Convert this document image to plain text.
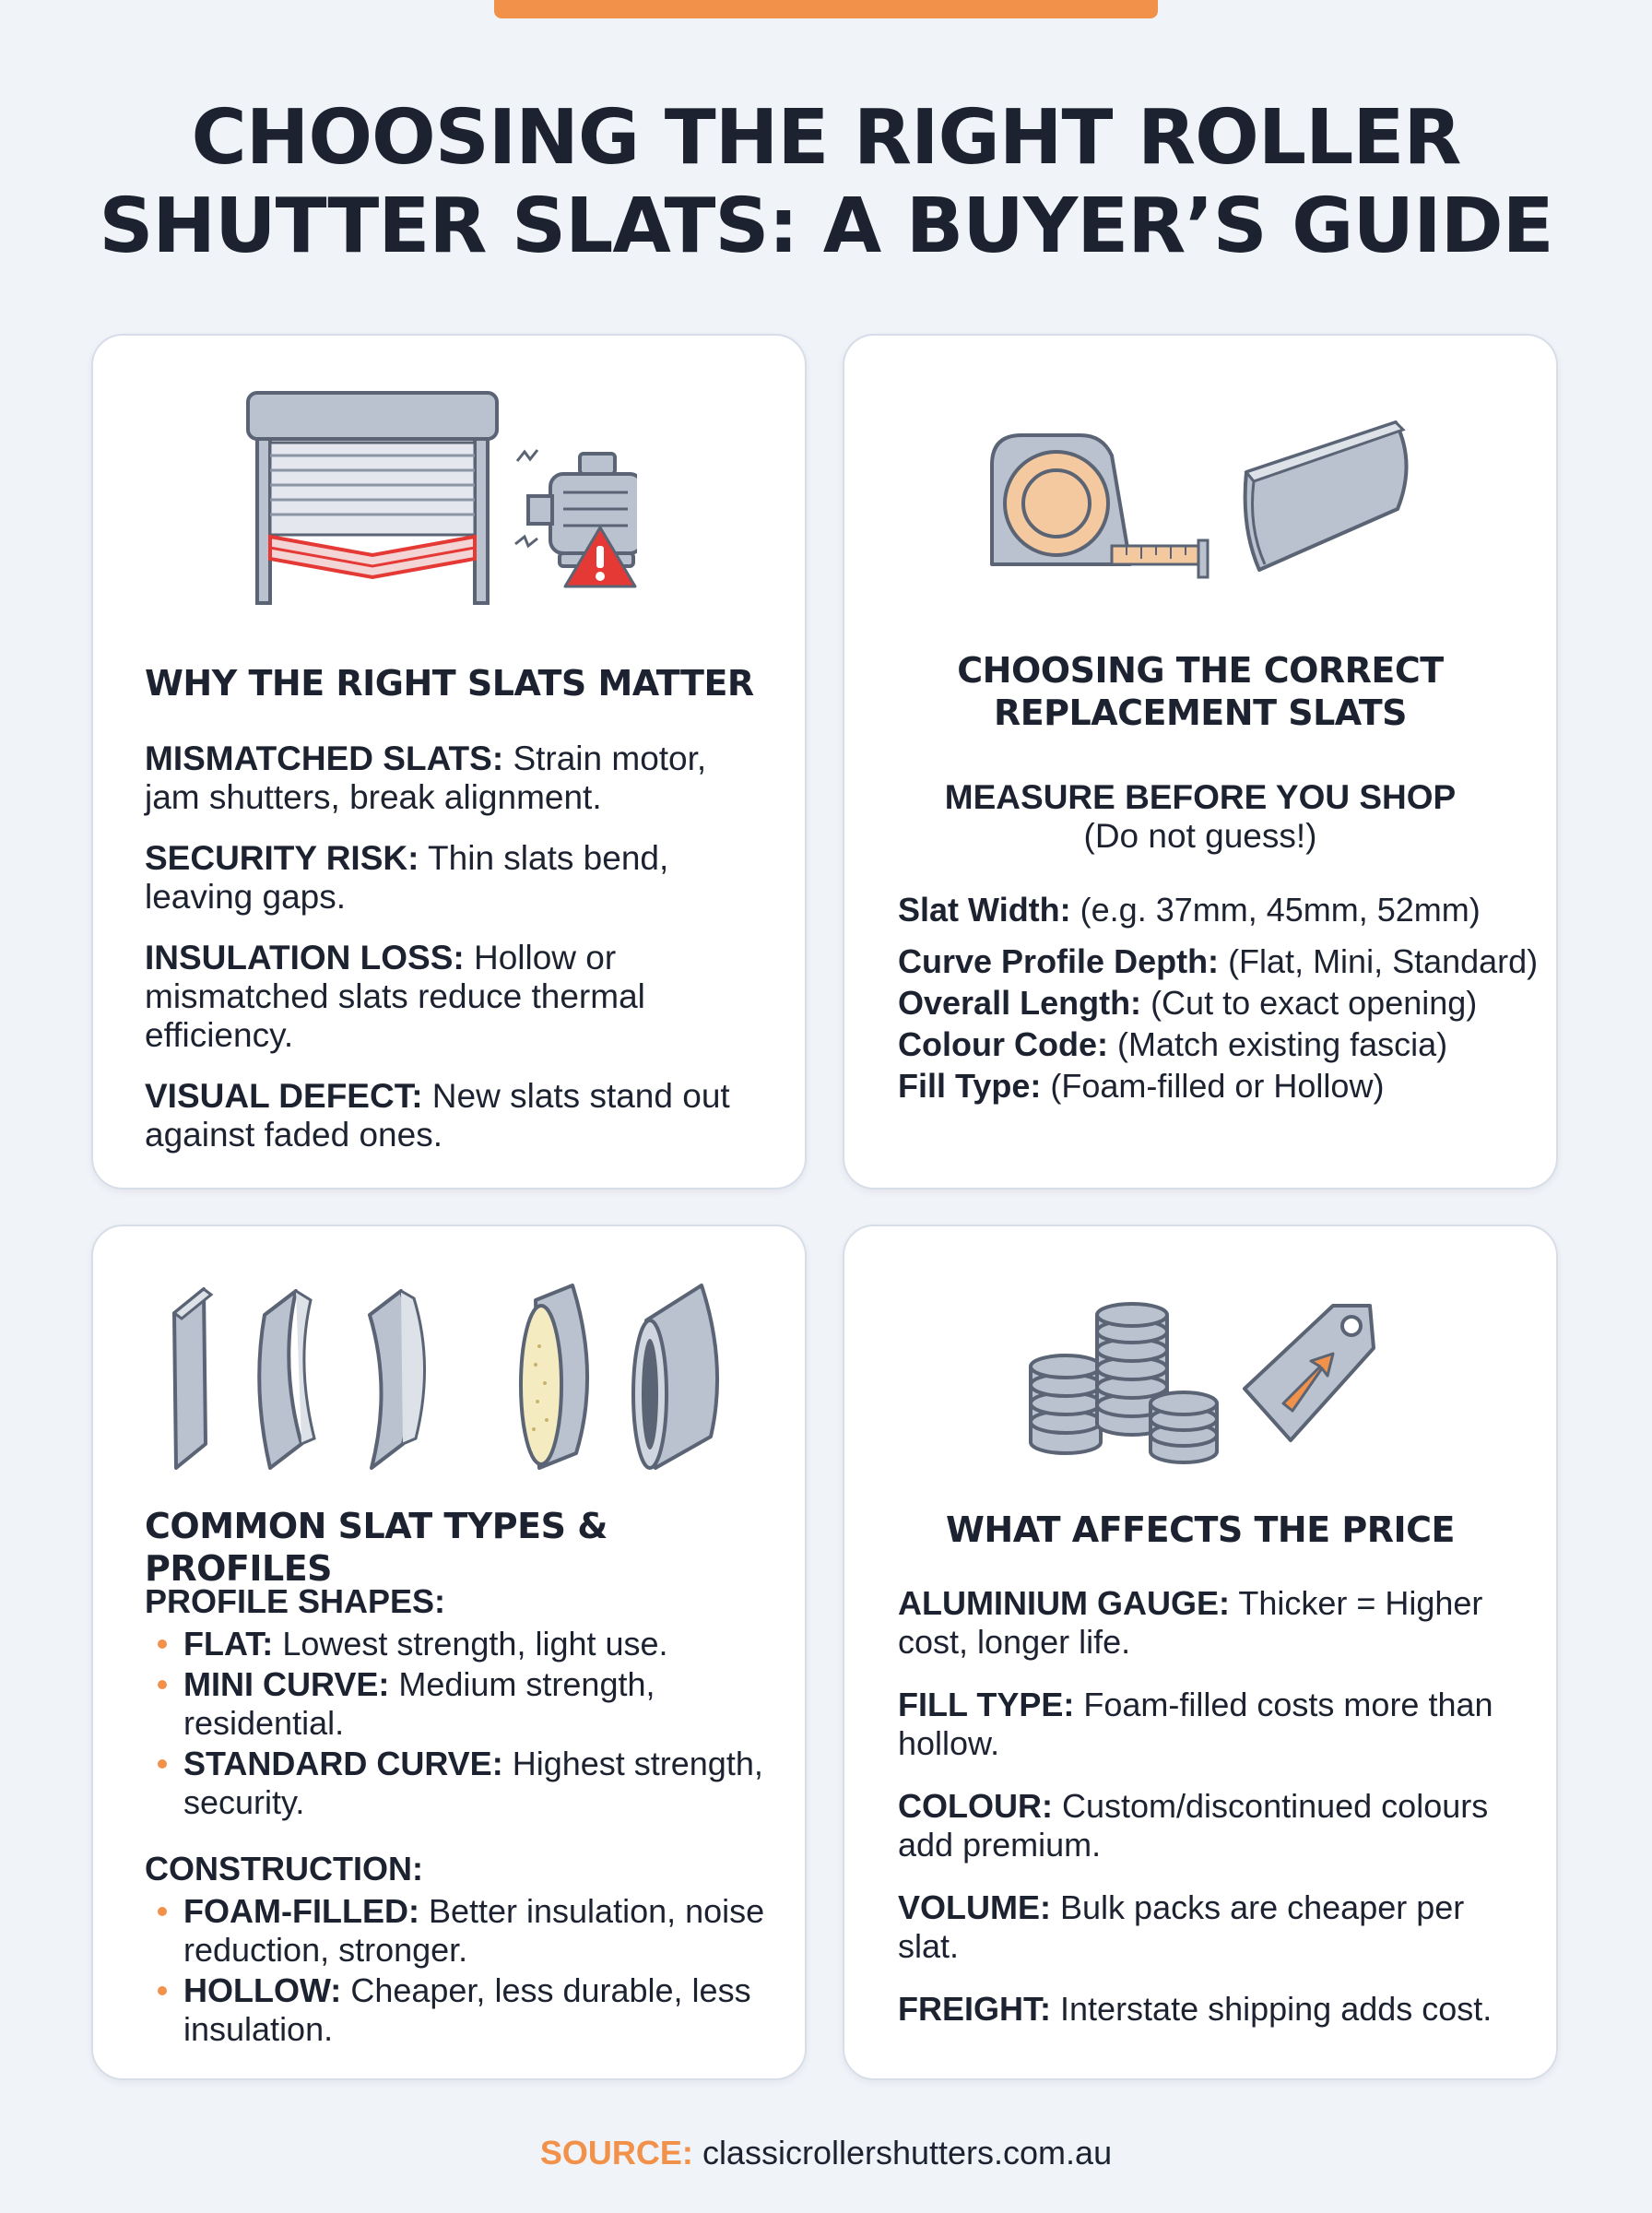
CHOOSING THE RIGHT ROLLER
SHUTTER SLATS: A BUYER’S GUIDE
WHY THE RIGHT SLATS MATTER

MISMATCHED SLATS: Strain motor, jam shutters, break alignment.

SECURITY RISK: Thin slats bend, leaving gaps.

INSULATION LOSS: Hollow or mismatched slats reduce thermal efficiency.

VISUAL DEFECT: New slats stand out against faded ones.

CHOOSING THE CORRECT
REPLACEMENT SLATS
MEASURE BEFORE YOU SHOP
(Do not guess!)

Slat Width: (e.g. 37mm, 45mm, 52mm)

Curve Profile Depth: (Flat, Mini, Standard)

Overall Length: (Cut to exact opening)

Colour Code: (Match existing fascia)

Fill Type: (Foam-filled or Hollow)

COMMON SLAT TYPES & PROFILES
PROFILE SHAPES:
FLAT: Lowest strength, light use.
MINI CURVE: Medium strength, residential.
STANDARD CURVE: Highest strength, security.
CONSTRUCTION:
FOAM-FILLED: Better insulation, noise reduction, stronger.
HOLLOW: Cheaper, less durable, less insulation.
WHAT AFFECTS THE PRICE

ALUMINIUM GAUGE: Thicker = Higher cost, longer life.

FILL TYPE: Foam-filled costs more than hollow.

COLOUR: Custom/discontinued colours add premium.

VOLUME: Bulk packs are cheaper per slat.

FREIGHT: Interstate shipping adds cost.

SOURCE: classicrollershutters.com.au
